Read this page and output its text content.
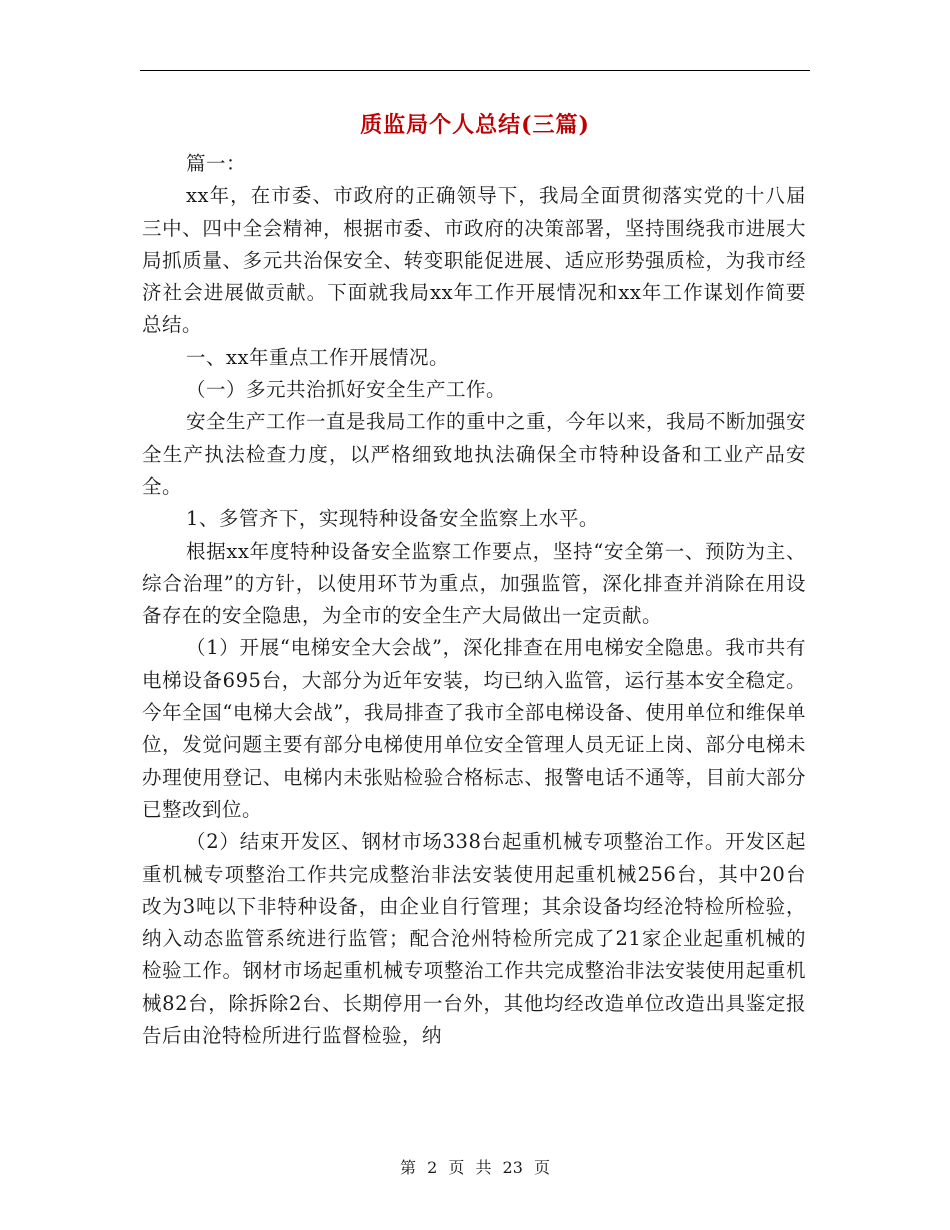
质监局个人总结(三篇)

篇一：

xx年，在市委、市政府的正确领导下，我局全面贯彻落实党的十八届三中、四中全会精神，根据市委、市政府的决策部署，坚持围绕我市进展大局抓质量、多元共治保安全、转变职能促进展、适应形势强质检，为我市经济社会进展做贡献。下面就我局xx年工作开展情况和xx年工作谋划作简要总结。

一、xx年重点工作开展情况。

（一）多元共治抓好安全生产工作。

安全生产工作一直是我局工作的重中之重，今年以来，我局不断加强安全生产执法检查力度，以严格细致地执法确保全市特种设备和工业产品安全。

1、多管齐下，实现特种设备安全监察上水平。

根据xx年度特种设备安全监察工作要点，坚持“安全第一、预防为主、综合治理”的方针，以使用环节为重点，加强监管，深化排查并消除在用设备存在的安全隐患，为全市的安全生产大局做出一定贡献。

（1）开展“电梯安全大会战”，深化排查在用电梯安全隐患。我市共有电梯设备695台，大部分为近年安装，均已纳入监管，运行基本安全稳定。今年全国“电梯大会战”，我局排查了我市全部电梯设备、使用单位和维保单位，发觉问题主要有部分电梯使用单位安全管理人员无证上岗、部分电梯未办理使用登记、电梯内未张贴检验合格标志、报警电话不通等，目前大部分已整改到位。

（2）结束开发区、钢材市场338台起重机械专项整治工作。开发区起重机械专项整治工作共完成整治非法安装使用起重机械256台，其中20台改为3吨以下非特种设备，由企业自行管理；其余设备均经沧特检所检验，纳入动态监管系统进行监管；配合沧州特检所完成了21家企业起重机械的检验工作。钢材市场起重机械专项整治工作共完成整治非法安装使用起重机械82台，除拆除2台、长期停用一台外，其他均经改造单位改造出具鉴定报告后由沧特检所进行监督检验，纳

第 2 页 共 23 页
